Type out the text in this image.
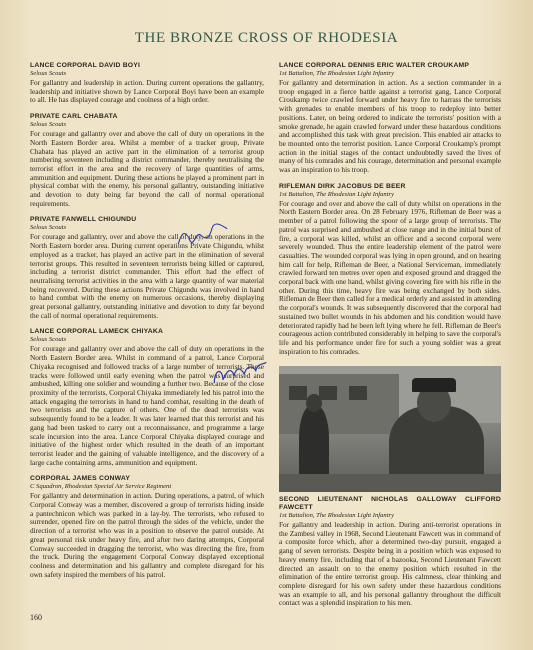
THE BRONZE CROSS OF RHODESIA
LANCE CORPORAL DAVID BOYI
Selous Scouts
For gallantry and leadership in action. During current operations the gallantry, leadership and initiative shown by Lance Corporal Boyi have been an example to all. He has displayed courage and coolness of a high order.
PRIVATE CARL CHABATA
Selous Scouts
For courage and gallantry over and above the call of duty on operations in the North Eastern Border area. Whilst a member of a tracker group, Private Chabata has played an active part in the elimination of a terrorist group numbering seventeen including a district commander, thereby neutralising the terrorist effort in the area and the recovery of large quantities of arms, ammunition and equipment. During these actions he played a prominent part in physical combat with the enemy, his personal gallantry, outstanding initiative and devotion to duty being far beyond the call of normal operational requirements.
PRIVATE FANWELL CHIGUNDU
Selous Scouts
For courage and gallantry, over and above the call of duty, on operations in the North Eastern border area. During current operations Private Chigundu, whilst employed as a tracker, has played an active part in the elimination of several terrorist groups. This resulted in seventeen terrorists being killed or captured, including a terrorist district commander. This effort had the effect of neutralising terrorist activities in the area with a large quantity of war material being recovered. During these actions Private Chigundu was involved in hand to hand combat with the enemy on numerous occasions, thereby displaying great personal gallantry, outstanding initiative and devotion to duty far beyond the call of normal operational requirements.
LANCE CORPORAL LAMECK CHIYAKA
Selous Scouts
For courage and gallantry over and above the call of duty on operations in the North Eastern Border area. Whilst in command of a patrol, Lance Corporal Chiyaka recognised and followed tracks of a large number of terrorists. These tracks were followed until early evening when the patrol was surprised and ambushed, killing one soldier and wounding a further two. Because of the close proximity of the terrorists, Corporal Chiyaka immediately led his patrol into the attack engaging the terrorists in hand to hand combat, resulting in the death of two terrorists and the capture of others. One of the dead terrorists was subsequently found to be a leader. It was later learned that this terrorist and his gang had been tasked to carry out a reconnaissance, and programme a large scale incursion into the area. Lance Corporal Chiyaka displayed courage and initiative of the highest order which resulted in the death of an important terrorist leader and the gaining of valuable intelligence, and the discovery of a large cache containing arms, ammunition and equipment.
CORPORAL JAMES CONWAY
C Squadron, Rhodesian Special Air Service Regiment
For gallantry and determination in action. During operations, a patrol, of which Corporal Conway was a member, discovered a group of terrorists hiding inside a pantechnicon which was parked in a lay-by. The terrorists, who refused to surrender, opened fire on the patrol through the sides of the vehicle, under the direction of a terrorist who was in a position to observe the patrol outside. At great personal risk under heavy fire, and after two daring attempts, Corporal Conway succeeded in dragging the terrorist, who was directing the fire, from the truck. During the engagement Corporal Conway displayed exceptional coolness and determination and his gallantry and complete disregard for his own safety inspired the members of his patrol.
LANCE CORPORAL DENNIS ERIC WALTER CROUKAMP
1st Battalion, The Rhodesian Light Infantry
For gallantry and determination in action. As a section commander in a troop engaged in a fierce battle against a terrorist gang, Lance Corporal Croukamp twice crawled forward under heavy fire to harrass the terrorists with grenades to enable members of his troop to redeploy into better positions. Later, on being ordered to indicate the terrorists' position with a smoke grenade, he again crawled forward under these hazardous conditions and accomplished this task with great precision. This enabled air attacks to be mounted onto the terrorist position. Lance Corporal Croukamp's prompt action in the initial stages of the contact undoubtedly saved the lives of many of his comrades and his courage, determination and personal example was an inspiration to his troop.
RIFLEMAN DIRK JACOBUS DE BEER
1st Battalion, The Rhodesian Light Infantry
For courage and over and above the call of duty whilst on operations in the North Eastern Border area. On 28 February 1976, Rifleman de Beer was a member of a patrol following the spoor of a large group of terrorists. The patrol was surprised and ambushed at close range and in the initial burst of fire, a corporal was killed, whilst an officer and a second corporal were severely wounded. Thus the entire leadership element of the patrol were casualties. The wounded corporal was lying in open ground, and on hearing him call for help, Rifleman de Beer, a National Serviceman, immediately crawled forward ten metres over open and exposed ground and dragged the corporal back with one hand, whilst giving covering fire with his rifle in the other. During this time, heavy fire was being exchanged by both sides. Rifleman de Beer then called for a medical orderly and assisted in attending the corporal's wounds. It was subsequently discovered that the corporal had sustained two bullet wounds in his abdomen and his condition would have deteriorated rapidly had he been left lying where he fell. Rifleman de Beer's courageous action contributed considerably in helping to save the corporal's life and his performance under fire for such a young soldier was a great inspiration to his comrades.
SECOND LIEUTENANT NICHOLAS GALLOWAY CLIFFORD FAWCETT
1st Battalion, The Rhodesian Light Infantry
For gallantry and leadership in action. During anti-terrorist operations in the Zambesi valley in 1968, Second Lieutenant Fawcett was in command of a composite force which, after a determined two-day pursuit, engaged a gang of seven terrorists. Despite being in a position which was exposed to heavy enemy fire, including that of a bazooka, Second Lieutenant Fawcett directed an assault on to the enemy position which resulted in the elimination of the entire terrorist group. His calmness, clear thinking and complete disregard for his own safety under these hazardous conditions was an example to all, and his personal gallantry throughout the difficult contact was a splendid inspiration to his men.
160
